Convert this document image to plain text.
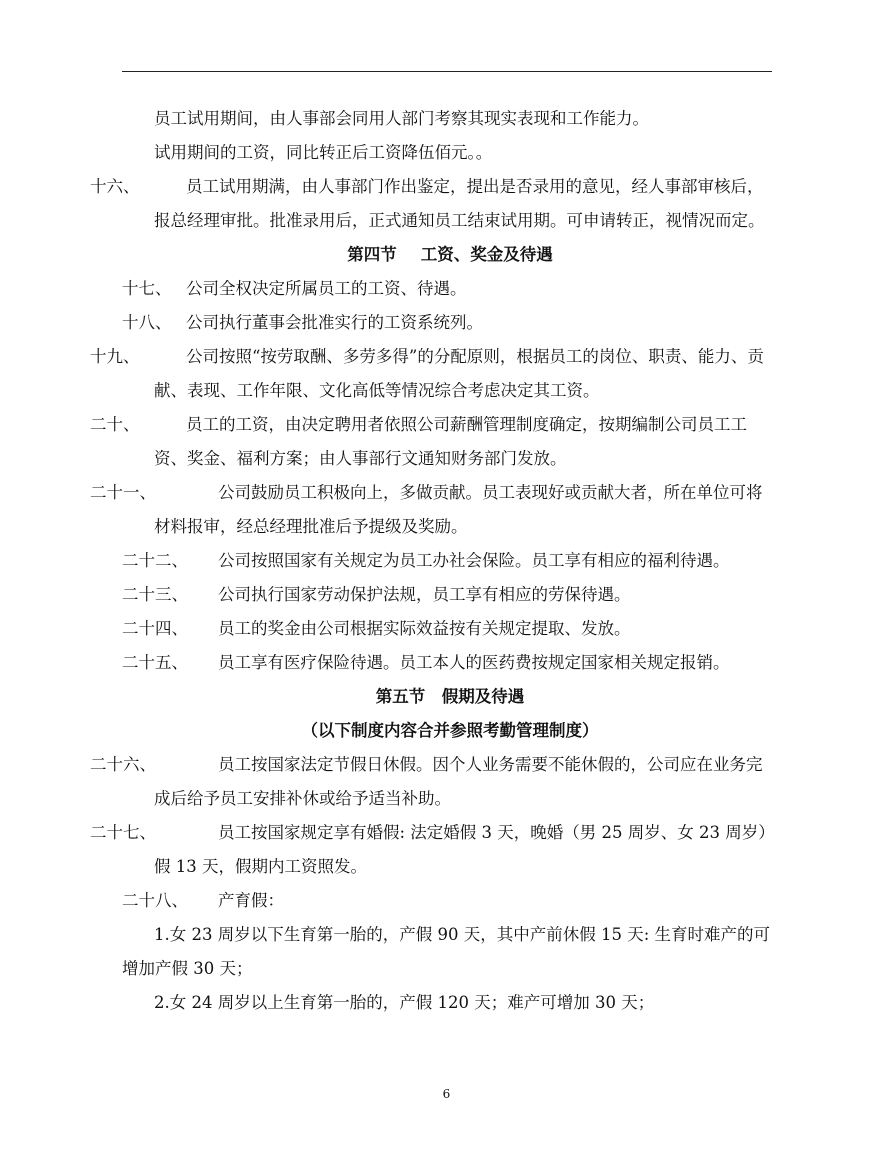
员工试用期间，由人事部会同用人部门考察其现实表现和工作能力。

试用期间的工资，同比转正后工资降伍佰元。。

十六、	员工试用期满，由人事部门作出鉴定，提出是否录用的意见，经人事部审核后，报总经理审批。批准录用后，正式通知员工结束试用期。可申请转正，视情况而定。

第四节 工资、奖金及待遇

十七、 公司全权决定所属员工的工资、待遇。

十八、 公司执行董事会批准实行的工资系统列。

十九、	公司按照“按劳取酬、多劳多得”的分配原则，根据员工的岗位、职责、能力、贡献、表现、工作年限、文化高低等情况综合考虑决定其工资。

二十、	员工的工资，由决定聘用者依照公司薪酬管理制度确定，按期编制公司员工工资、奖金、福利方案；由人事部行文通知财务部门发放。

二十一、	公司鼓励员工积极向上，多做贡献。员工表现好或贡献大者，所在单位可将材料报审，经总经理批准后予提级及奖励。

二十二、 公司按照国家有关规定为员工办社会保险。员工享有相应的福利待遇。

二十三、 公司执行国家劳动保护法规，员工享有相应的劳保待遇。

二十四、 员工的奖金由公司根据实际效益按有关规定提取、发放。

二十五、 员工享有医疗保险待遇。员工本人的医药费按规定国家相关规定报销。

第五节　假期及待遇

（以下制度内容合并参照考勤管理制度）

二十六、	员工按国家法定节假日休假。因个人业务需要不能休假的，公司应在业务完成后给予员工安排补休或给予适当补助。

二十七、	员工按国家规定享有婚假: 法定婚假 3 天，晚婚（男 25 周岁、女 23 周岁）假 13 天，假期内工资照发。

二十八、 产育假：

1.女 23 周岁以下生育第一胎的，产假 90 天，其中产前休假 15 天: 生育时难产的可增加产假 30 天；

2.女 24 周岁以上生育第一胎的，产假 120 天；难产可增加 30 天；

6
